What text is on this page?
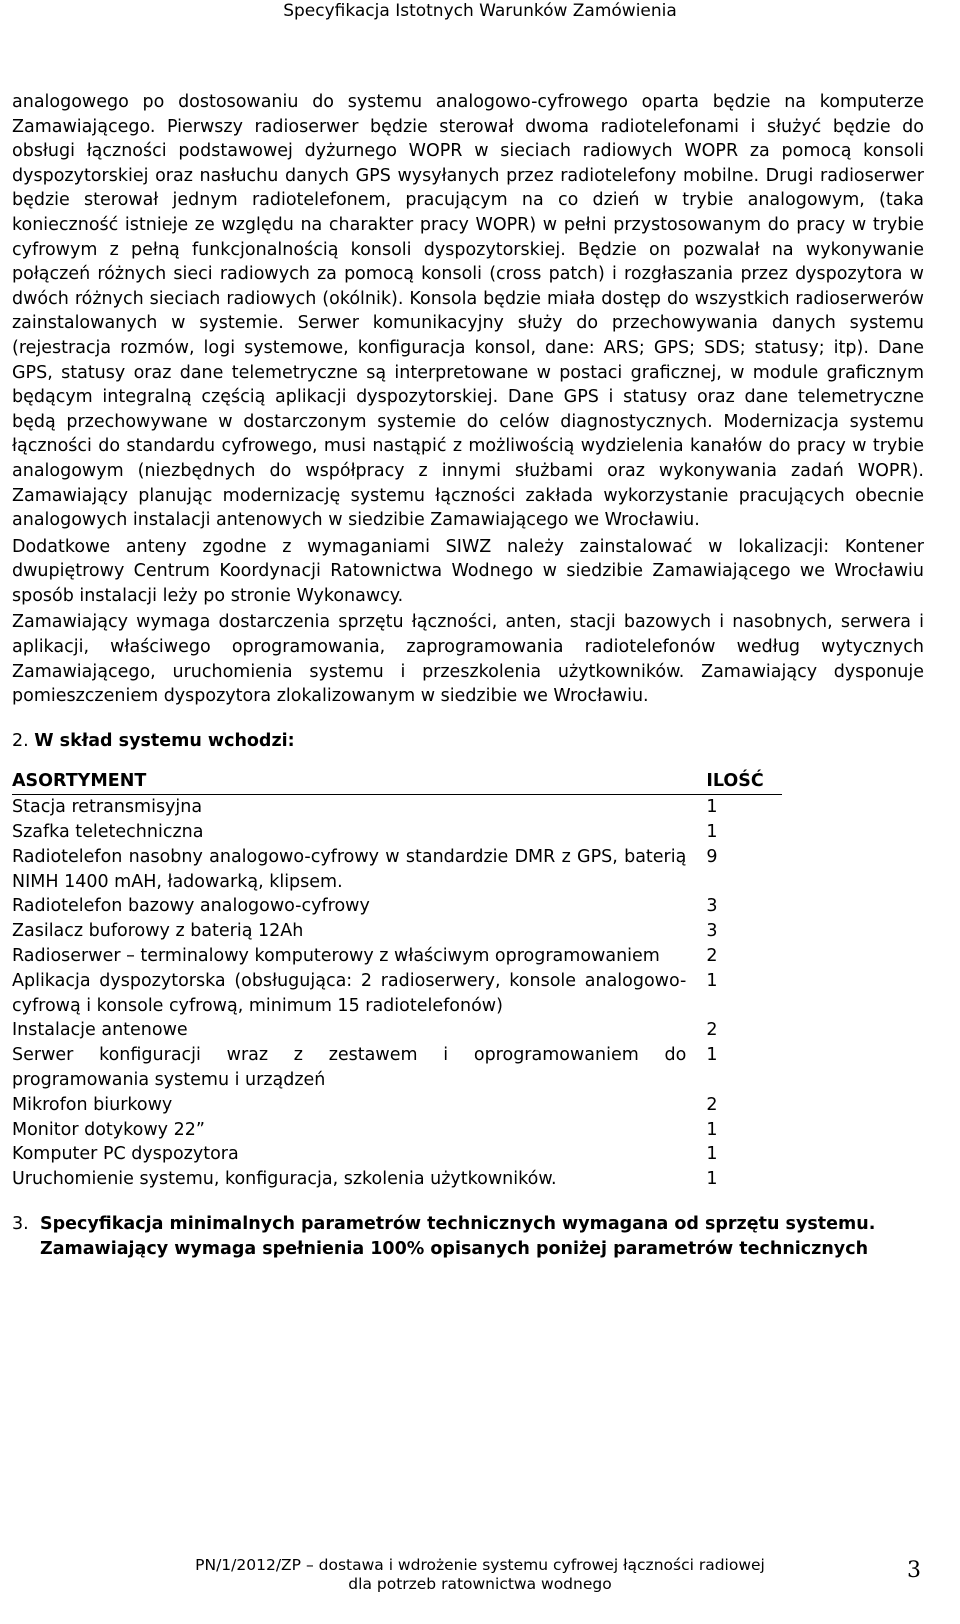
Specyfikacja Istotnych Warunków Zamówienia

analogowego po dostosowaniu do systemu analogowo-cyfrowego oparta będzie na komputerze Zamawiającego. Pierwszy radioserwer będzie sterował dwoma radiotelefonami i służyć będzie do obsługi łączności podstawowej dyżurnego WOPR w sieciach radiowych WOPR za pomocą konsoli dyspozytorskiej oraz nasłuchu danych GPS wysyłanych przez radiotelefony mobilne. Drugi radioserwer będzie sterował jednym radiotelefonem, pracującym na co dzień w trybie analogowym, (taka konieczność istnieje ze względu na charakter pracy WOPR) w pełni przystosowanym do pracy w trybie cyfrowym z pełną funkcjonalnością konsoli dyspozytorskiej. Będzie on pozwalał na wykonywanie połączeń różnych sieci radiowych za pomocą konsoli (cross patch) i rozgłaszania przez dyspozytora w dwóch różnych sieciach radiowych (okólnik). Konsola będzie miała dostęp do wszystkich radioserwerów zainstalowanych w systemie. Serwer komunikacyjny służy do przechowywania danych systemu (rejestracja rozmów, logi systemowe, konfiguracja konsol, dane: ARS; GPS; SDS; statusy; itp). Dane GPS, statusy oraz dane telemetryczne są interpretowane w postaci graficznej, w module graficznym będącym integralną częścią aplikacji dyspozytorskiej. Dane GPS i statusy oraz dane telemetryczne będą przechowywane w dostarczonym systemie do celów diagnostycznych. Modernizacja systemu łączności do standardu cyfrowego, musi nastąpić z możliwością wydzielenia kanałów do pracy w trybie analogowym (niezbędnych do współpracy z innymi służbami oraz wykonywania zadań WOPR). Zamawiający planując modernizację systemu łączności zakłada wykorzystanie pracujących obecnie analogowych instalacji antenowych w siedzibie Zamawiającego we Wrocławiu.

Dodatkowe anteny zgodne z wymaganiami SIWZ należy zainstalować w lokalizacji: Kontener dwupiętrowy Centrum Koordynacji Ratownictwa Wodnego w siedzibie Zamawiającego we Wrocławiu sposób instalacji leży po stronie Wykonawcy.

Zamawiający wymaga dostarczenia sprzętu łączności, anten, stacji bazowych i nasobnych, serwera i aplikacji, właściwego oprogramowania, zaprogramowania radiotelefonów według wytycznych Zamawiającego, uruchomienia systemu i przeszkolenia użytkowników. Zamawiający dysponuje pomieszczeniem dyspozytora zlokalizowanym w siedzibie we Wrocławiu.

2. W skład systemu wchodzi:

ASORTYMENT	ILOŚĆ
Stacja retransmisyjna	1
Szafka teletechniczna	1
Radiotelefon nasobny analogowo-cyfrowy w standardzie DMR z GPS, baterią NIMH 1400 mAH, ładowarką, klipsem.	9
Radiotelefon bazowy analogowo-cyfrowy	3
Zasilacz buforowy z baterią 12Ah	3
Radioserwer – terminalowy komputerowy z właściwym oprogramowaniem	2
Aplikacja dyspozytorska (obsługująca: 2 radioserwery, konsole analogowo-cyfrową i konsole cyfrową, minimum 15 radiotelefonów)	1
Instalacje antenowe	2
Serwer konfiguracji wraz z zestawem i oprogramowaniem do programowania systemu i urządzeń	1
Mikrofon biurkowy	2
Monitor dotykowy 22”	1
Komputer PC dyspozytora	1
Uruchomienie systemu, konfiguracja, szkolenia użytkowników.	1
3. Specyfikacja minimalnych parametrów technicznych wymagana od sprzętu systemu.
Zamawiający wymaga spełnienia 100% opisanych poniżej parametrów technicznych
PN/1/2012/ZP – dostawa i wdrożenie systemu cyfrowej łączności radiowej
dla potrzeb ratownictwa wodnego
3
